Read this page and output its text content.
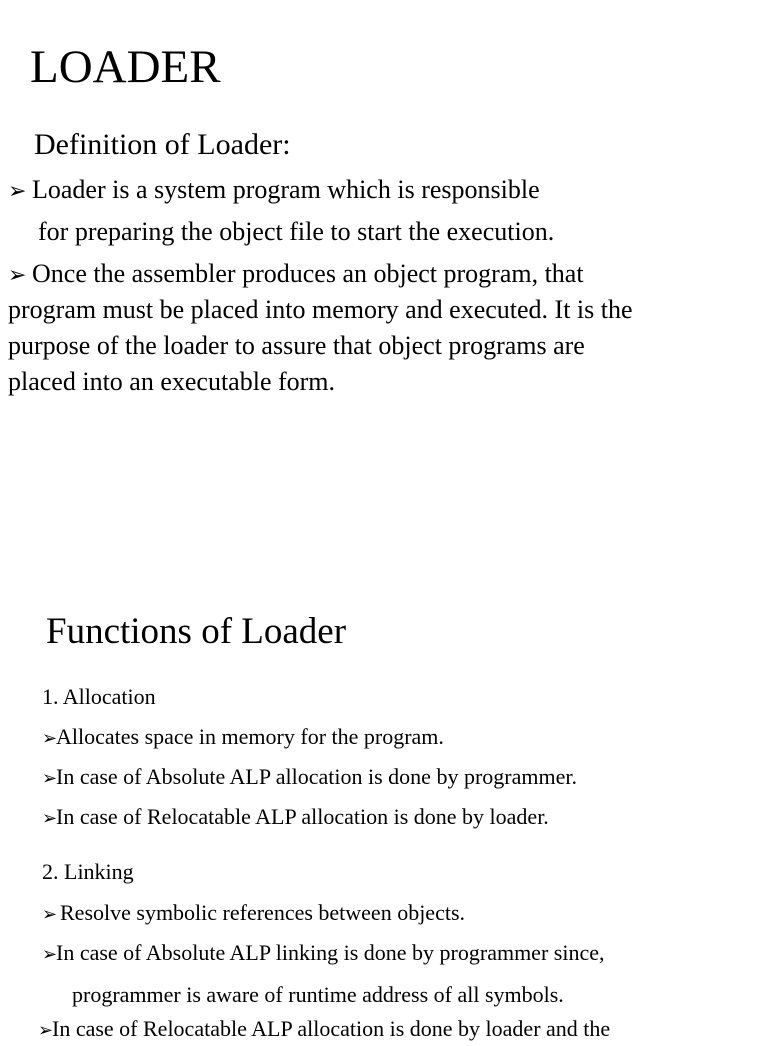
LOADER
Definition of Loader:
➢ Loader is a system program which is responsible
for preparing the object file to start the execution.
➢ Once the assembler produces an object program, that
program must be placed into memory and executed. It is the
purpose of the loader to assure that object programs are
placed into an executable form.
Functions of Loader
1. Allocation
➢Allocates space in memory for the program.
➢In case of Absolute ALP allocation is done by programmer.
➢In case of Relocatable ALP allocation is done by loader.
2. Linking
➢ Resolve symbolic references between objects.
➢In case of Absolute ALP linking is done by programmer since,
programmer is aware of runtime address of all symbols.
➢In case of Relocatable ALP allocation is done by loader and the
